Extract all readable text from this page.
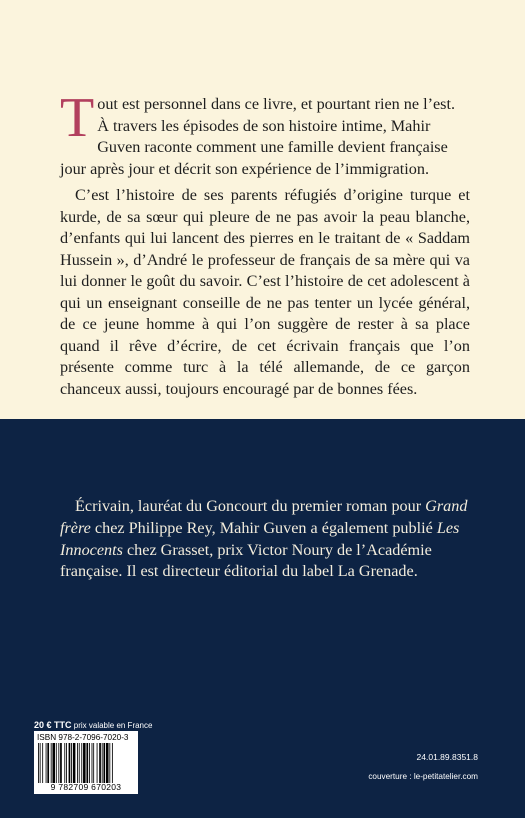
Tout est personnel dans ce livre, et pourtant rien ne l’est. À travers les épisodes de son histoire intime, Mahir Guven raconte comment une famille devient française jour après jour et décrit son expérience de l’immigration.
C’est l’histoire de ses parents réfugiés d’origine turque et kurde, de sa sœur qui pleure de ne pas avoir la peau blanche, d’enfants qui lui lancent des pierres en le traitant de « Saddam Hussein », d’André le professeur de français de sa mère qui va lui donner le goût du savoir. C’est l’histoire de cet adolescent à qui un enseignant conseille de ne pas tenter un lycée général, de ce jeune homme à qui l’on suggère de rester à sa place quand il rêve d’écrire, de cet écrivain français que l’on présente comme turc à la télé allemande, de ce garçon chanceux aussi, toujours encouragé par de bonnes fées.
Écrivain, lauréat du Goncourt du premier roman pour Grand frère chez Philippe Rey, Mahir Guven a également publié Les Innocents chez Grasset, prix Victor Noury de l’Académie française. Il est directeur éditorial du label La Grenade.
20 € TTC prix valable en France
ISBN 978-2-7096-7020-3
9 782709 670203
24.01.89.8351.8
couverture : le-petitatelier.com
